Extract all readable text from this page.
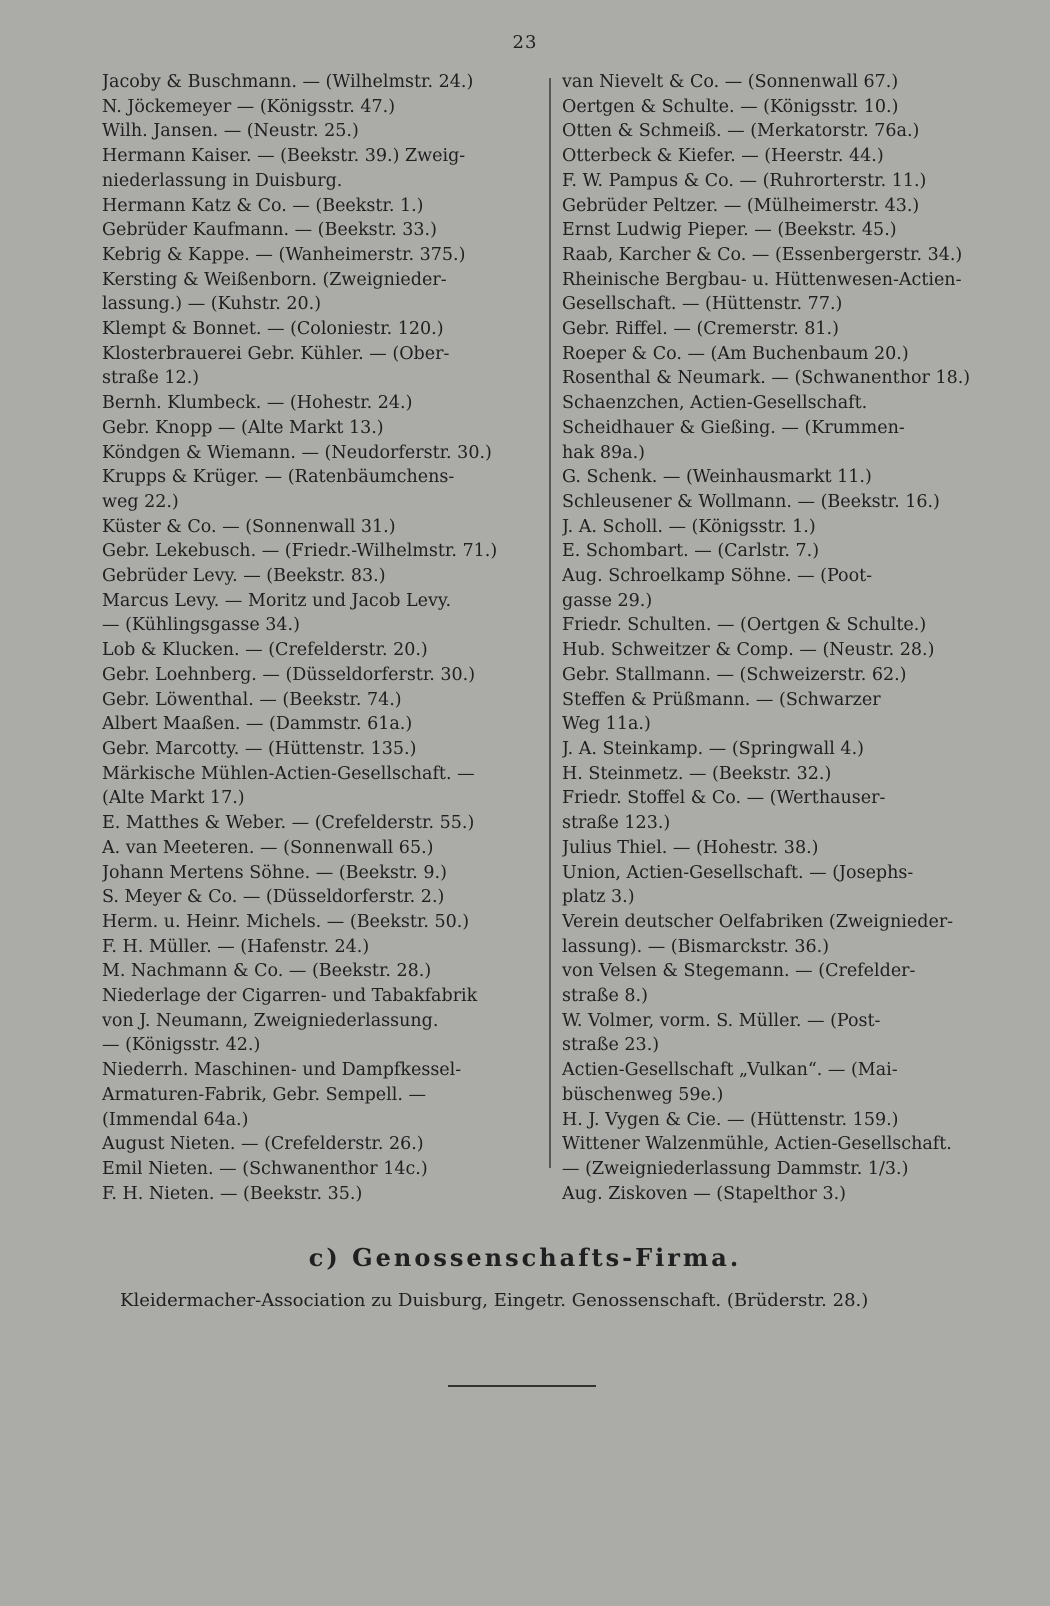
23
Jacoby & Buschmann. — (Wilhelmstr. 24.)
N. Jöckemeyer — (Königsstr. 47.)
Wilh. Jansen. — (Neustr. 25.)
Hermann Kaiser. — (Beekstr. 39.) Zweig-
niederlassung in Duisburg.
Hermann Katz & Co. — (Beekstr. 1.)
Gebrüder Kaufmann. — (Beekstr. 33.)
Kebrig & Kappe. — (Wanheimerstr. 375.)
Kersting & Weißenborn. (Zweignieder-
lassung.) — (Kuhstr. 20.)
Klempt & Bonnet. — (Coloniestr. 120.)
Klosterbrauerei Gebr. Kühler. — (Ober-
straße 12.)
Bernh. Klumbeck. — (Hohestr. 24.)
Gebr. Knopp — (Alte Markt 13.)
Köndgen & Wiemann. — (Neudorferstr. 30.)
Krupps & Krüger. — (Ratenbäumchens-
weg 22.)
Küster & Co. — (Sonnenwall 31.)
Gebr. Lekebusch. — (Friedr.-Wilhelmstr. 71.)
Gebrüder Levy. — (Beekstr. 83.)
Marcus Levy. — Moritz und Jacob Levy.
— (Kühlingsgasse 34.)
Lob & Klucken. — (Crefelderstr. 20.)
Gebr. Loehnberg. — (Düsseldorferstr. 30.)
Gebr. Löwenthal. — (Beekstr. 74.)
Albert Maaßen. — (Dammstr. 61a.)
Gebr. Marcotty. — (Hüttenstr. 135.)
Märkische Mühlen-Actien-Gesellschaft. —
(Alte Markt 17.)
E. Matthes & Weber. — (Crefelderstr. 55.)
A. van Meeteren. — (Sonnenwall 65.)
Johann Mertens Söhne. — (Beekstr. 9.)
S. Meyer & Co. — (Düsseldorferstr. 2.)
Herm. u. Heinr. Michels. — (Beekstr. 50.)
F. H. Müller. — (Hafenstr. 24.)
M. Nachmann & Co. — (Beekstr. 28.)
Niederlage der Cigarren- und Tabakfabrik
von J. Neumann, Zweigniederlassung.
— (Königsstr. 42.)
Niederrh. Maschinen- und Dampfkessel-
Armaturen-Fabrik, Gebr. Sempell. —
(Immendal 64a.)
August Nieten. — (Crefelderstr. 26.)
Emil Nieten. — (Schwanenthor 14c.)
F. H. Nieten. — (Beekstr. 35.)
van Nievelt & Co. — (Sonnenwall 67.)
Oertgen & Schulte. — (Königsstr. 10.)
Otten & Schmeiß. — (Merkatorstr. 76a.)
Otterbeck & Kiefer. — (Heerstr. 44.)
F. W. Pampus & Co. — (Ruhrorterstr. 11.)
Gebrüder Peltzer. — (Mülheimerstr. 43.)
Ernst Ludwig Pieper. — (Beekstr. 45.)
Raab, Karcher & Co. — (Essenbergerstr. 34.)
Rheinische Bergbau- u. Hüttenwesen-Actien-
Gesellschaft. — (Hüttenstr. 77.)
Gebr. Riffel. — (Cremerstr. 81.)
Roeper & Co. — (Am Buchenbaum 20.)
Rosenthal & Neumark. — (Schwanenthor 18.)
Schaenzchen, Actien-Gesellschaft.
Scheidhauer & Gießing. — (Krummen-
hak 89a.)
G. Schenk. — (Weinhausmarkt 11.)
Schleusener & Wollmann. — (Beekstr. 16.)
J. A. Scholl. — (Königsstr. 1.)
E. Schombart. — (Carlstr. 7.)
Aug. Schroelkamp Söhne. — (Poot-
gasse 29.)
Friedr. Schulten. — (Oertgen & Schulte.)
Hub. Schweitzer & Comp. — (Neustr. 28.)
Gebr. Stallmann. — (Schweizerstr. 62.)
Steffen & Prüßmann. — (Schwarzer
Weg 11a.)
J. A. Steinkamp. — (Springwall 4.)
H. Steinmetz. — (Beekstr. 32.)
Friedr. Stoffel & Co. — (Werthauser-
straße 123.)
Julius Thiel. — (Hohestr. 38.)
Union, Actien-Gesellschaft. — (Josephs-
platz 3.)
Verein deutscher Oelfabriken (Zweignieder-
lassung). — (Bismarckstr. 36.)
von Velsen & Stegemann. — (Crefelder-
straße 8.)
W. Volmer, vorm. S. Müller. — (Post-
straße 23.)
Actien-Gesellschaft „Vulkan“. — (Mai-
büschenweg 59e.)
H. J. Vygen & Cie. — (Hüttenstr. 159.)
Wittener Walzenmühle, Actien-Gesellschaft.
— (Zweigniederlassung Dammstr. 1/3.)
Aug. Ziskoven — (Stapelthor 3.)
c) Genossenschafts-Firma.
Kleidermacher-Association zu Duisburg, Eingetr. Genossenschaft. (Brüderstr. 28.)
